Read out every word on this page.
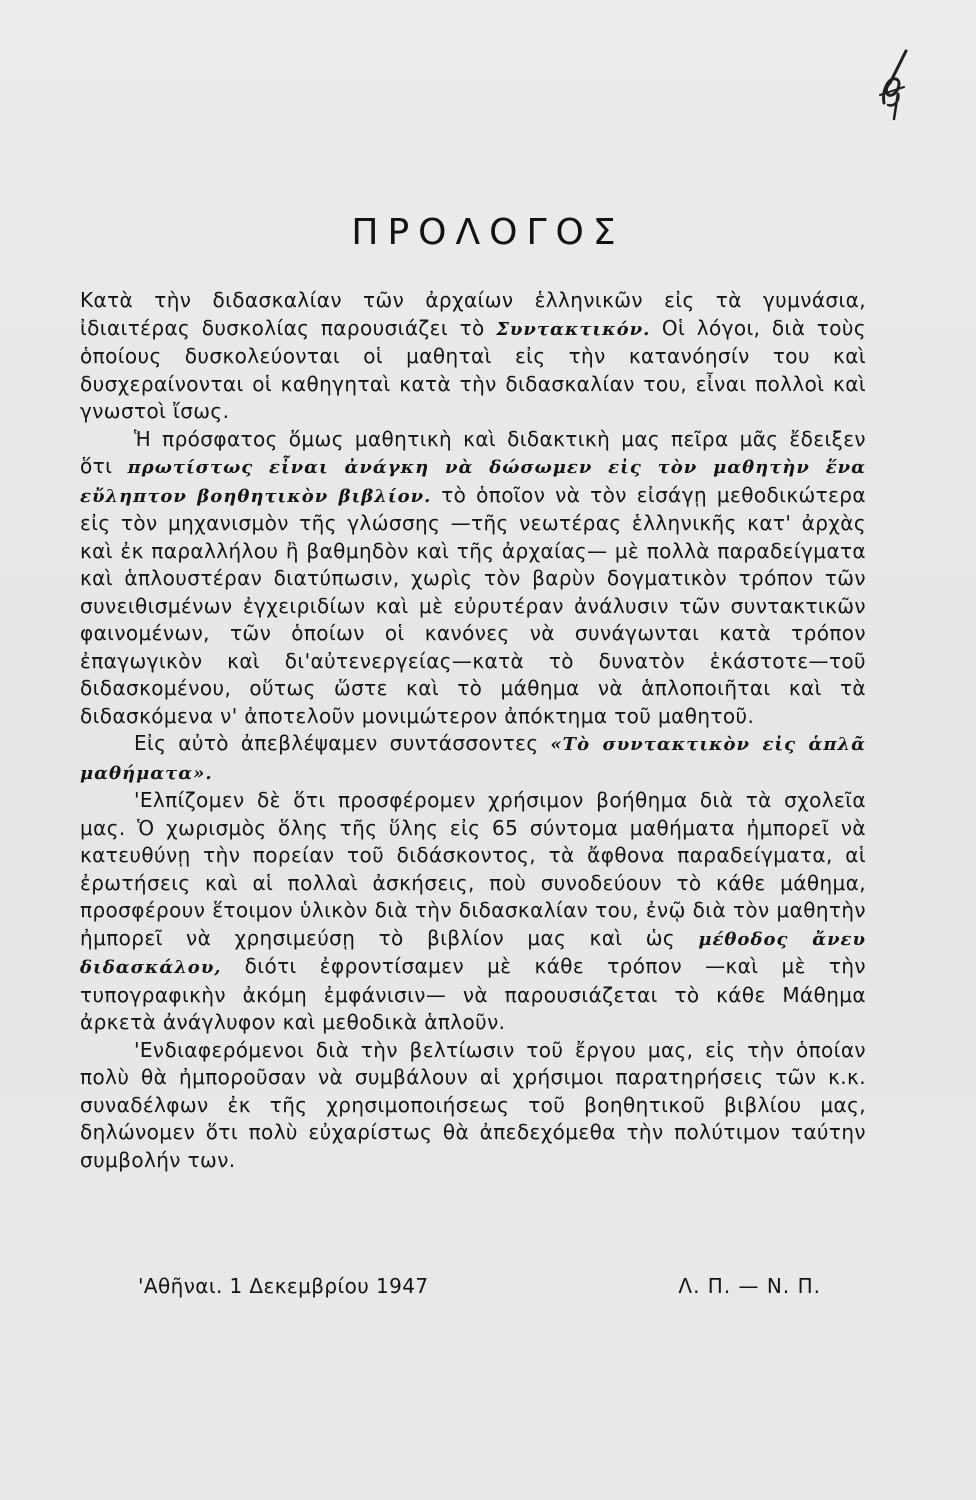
ΠΡΟΛΟΓΟΣ

Κατὰ τὴν διδασκαλίαν τῶν ἀρχαίων ἑλληνικῶν εἰς τὰ γυμνάσια, ἰδιαιτέρας δυσκολίας παρουσιάζει τὸ Συντακτικόν. Οἱ λόγοι, διὰ τοὺς ὁποίους δυσκολεύονται οἱ μαθηταὶ εἰς τὴν κατανόησίν του καὶ δυσχεραίνονται οἱ καθηγηταὶ κατὰ τὴν διδασκαλίαν του, εἶναι πολλοὶ καὶ γνωστοὶ ἴσως.

Ἡ πρόσφατος ὅμως μαθητικὴ καὶ διδακτικὴ μας πεῖρα μᾶς ἔδειξεν ὅτι πρωτίστως εἶναι ἀνάγκη νὰ δώσωμεν εἰς τὸν μαθητὴν ἕνα εὔληπτον βοηθητικὸν βιβλίον. τὸ ὁποῖον νὰ τὸν εἰσάγῃ μεθοδικώτερα εἰς τὸν μηχανισμὸν τῆς γλώσσης —τῆς νεωτέρας ἑλληνικῆς κατ' ἀρχὰς καὶ ἐκ παραλλήλου ἢ βαθμηδὸν καὶ τῆς ἀρχαίας— μὲ πολλὰ παραδείγματα καὶ ἁπλουστέραν διατύπωσιν, χωρὶς τὸν βαρὺν δογματικὸν τρόπον τῶν συνειθισμένων ἐγχειριδίων καὶ μὲ εὐρυτέραν ἀνάλυσιν τῶν συντακτικῶν φαινομένων, τῶν ὁποίων οἱ κανόνες νὰ συνάγωνται κατὰ τρόπον ἐπαγωγικὸν καὶ δι'αὐτενεργείας—κατὰ τὸ δυνατὸν ἑκάστοτε—τοῦ διδασκομένου, οὕτως ὥστε καὶ τὸ μάθημα νὰ ἁπλοποιῆται καὶ τὰ διδασκόμενα ν' ἀποτελοῦν μονιμώτερον ἀπόκτημα τοῦ μαθητοῦ.

Εἰς αὐτὸ ἀπεβλέψαμεν συντάσσοντες «Τὸ συντακτικὸν εἰς ἁπλᾶ μαθήματα».

'Ελπίζομεν δὲ ὅτι προσφέρομεν χρήσιμον βοήθημα διὰ τὰ σχολεῖα μας. Ὁ χωρισμὸς ὅλης τῆς ὕλης εἰς 65 σύντομα μαθήματα ἠμπορεῖ νὰ κατευθύνῃ τὴν πορείαν τοῦ διδάσκοντος, τὰ ἄφθονα παραδείγματα, αἱ ἐρωτήσεις καὶ αἱ πολλαὶ ἀσκήσεις, ποὺ συνοδεύουν τὸ κάθε μάθημα, προσφέρουν ἕτοιμον ὑλικὸν διὰ τὴν διδασκαλίαν του, ἐνῷ διὰ τὸν μαθητὴν ἠμπορεῖ νὰ χρησιμεύσῃ τὸ βιβλίον μας καὶ ὡς μέθοδος ἄνευ διδασκάλου, διότι ἐφροντίσαμεν μὲ κάθε τρόπον —καὶ μὲ τὴν τυπογραφικὴν ἀκόμη ἐμφάνισιν— νὰ παρουσιάζεται τὸ κάθε Μάθημα ἀρκετὰ ἀνάγλυφον καὶ μεθοδικὰ ἁπλοῦν.

'Ενδιαφερόμενοι διὰ τὴν βελτίωσιν τοῦ ἔργου μας, εἰς τὴν ὁποίαν πολὺ θὰ ἠμποροῦσαν νὰ συμβάλουν αἱ χρήσιμοι παρατηρήσεις τῶν κ.κ. συναδέλφων ἐκ τῆς χρησιμοποιήσεως τοῦ βοηθητικοῦ βιβλίου μας, δηλώνομεν ὅτι πολὺ εὐχαρίστως θὰ ἀπεδεχόμεθα τὴν πολύτιμον ταύτην συμβολήν των.

'Αθῆναι. 1 Δεκεμβρίου 1947	Λ. Π. — Ν. Π.
